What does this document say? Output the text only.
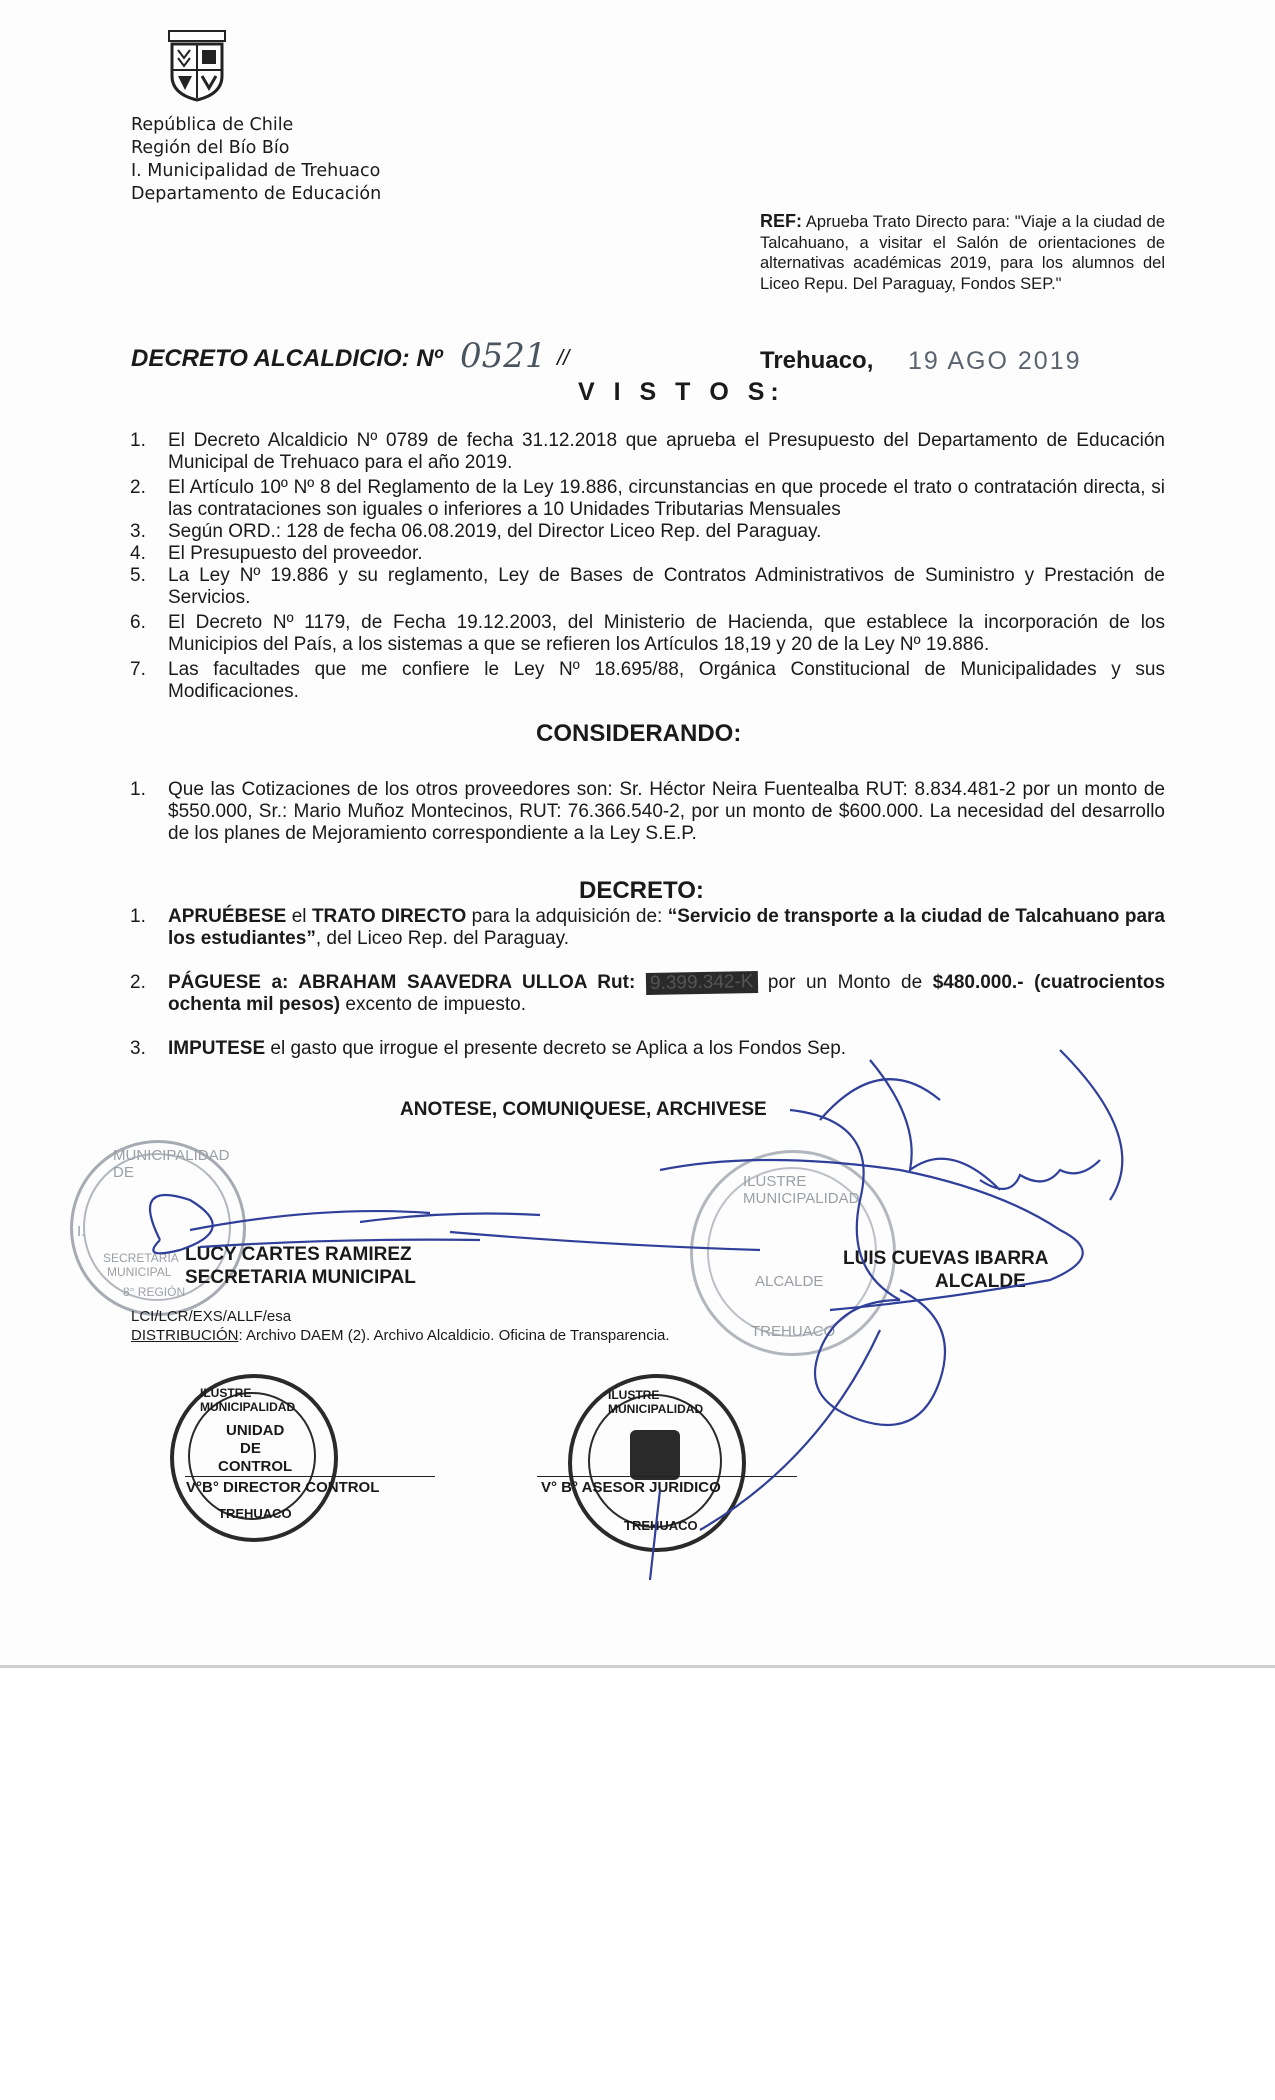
República de Chile
Región del Bío Bío
I. Municipalidad de Trehuaco
Departamento de Educación
REF: Aprueba Trato Directo para: "Viaje a la ciudad de Talcahuano, a visitar el Salón de orientaciones de alternativas académicas 2019, para los alumnos del Liceo Repu. Del Paraguay, Fondos SEP."
DECRETO ALCALDICIO: Nº 0521 //	Trehuaco, 19 AGO 2019
V I S T O S:
1. El Decreto Alcaldicio Nº 0789 de fecha 31.12.2018 que aprueba el Presupuesto del Departamento de Educación Municipal de Trehuaco para el año 2019.
2. El Artículo 10º Nº 8 del Reglamento de la Ley 19.886, circunstancias en que procede el trato o contratación directa, si las contrataciones son iguales o inferiores a 10 Unidades Tributarias Mensuales
3. Según ORD.: 128 de fecha 06.08.2019, del Director Liceo Rep. del Paraguay.
4. El Presupuesto del proveedor.
5. La Ley Nº 19.886 y su reglamento, Ley de Bases de Contratos Administrativos de Suministro y Prestación de Servicios.
6. El Decreto Nº 1179, de Fecha 19.12.2003, del Ministerio de Hacienda, que establece la incorporación de los Municipios del País, a los sistemas a que se refieren los Artículos 18,19 y 20 de la Ley Nº 19.886.
7. Las facultades que me confiere le Ley Nº 18.695/88, Orgánica Constitucional de Municipalidades y sus Modificaciones.
CONSIDERANDO:
1. Que las Cotizaciones de los otros proveedores son: Sr. Héctor Neira Fuentealba RUT: 8.834.481-2 por un monto de $550.000, Sr.: Mario Muñoz Montecinos, RUT: 76.366.540-2, por un monto de $600.000. La necesidad del desarrollo de los planes de Mejoramiento correspondiente a la Ley S.E.P.
DECRETO:
1. APRUÉBESE el TRATO DIRECTO para la adquisición de: “Servicio de transporte a la ciudad de Talcahuano para los estudiantes”, del Liceo Rep. del Paraguay.
2. PÁGUESE a: ABRAHAM SAAVEDRA ULLOA Rut: 9.399.342-K por un Monto de $480.000.- (cuatrocientos ochenta mil pesos) excento de impuesto.
3. IMPUTESE el gasto que irrogue el presente decreto se Aplica a los Fondos Sep.
ANOTESE, COMUNIQUESE, ARCHIVESE
MUNICIPALIDAD DE
I.
SECRETARIA
MUNICIPAL
8° REGIÓN
ILUSTRE MUNICIPALIDAD
ALCALDE
TREHUACO
LUCY CARTES RAMIREZ
SECRETARIA MUNICIPAL
LUIS CUEVAS IBARRA
ALCALDE
LCI/LCR/EXS/ALLF/esa
DISTRIBUCIÓN: Archivo DAEM (2). Archivo Alcaldicio. Oficina de Transparencia.
ILUSTRE MUNICIPALIDAD
UNIDAD
DE
CONTROL
TREHUACO
V°B° DIRECTOR CONTROL
ILUSTRE MUNICIPALIDAD
TREHUACO
V° B° ASESOR JURIDICO
